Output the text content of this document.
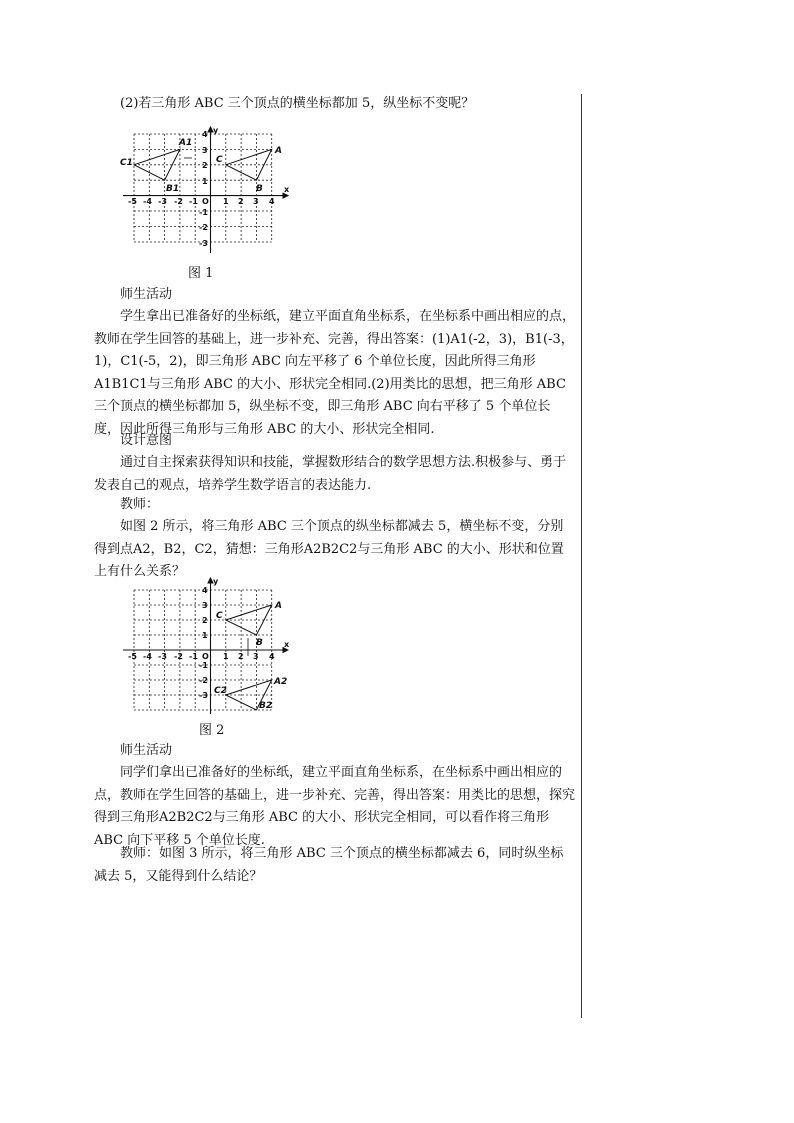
(2)若三角形 ABC 三个顶点的横坐标都加 5，纵坐标不变呢？

x
y
O
-5 -4 -3 -2 -1	1 2 3 4
4
3
2
1
-1
-2
-3
A
B
C
A1
B1
C1
图 1

师生活动

学生拿出已准备好的坐标纸，建立平面直角坐标系，在坐标系中画出相应的点，教师在学生回答的基础上，进一步补充、完善，得出答案：(1)A1(-2，3)，B1(-3，1)，C1(-5，2)，即三角形 ABC 向左平移了 6 个单位长度，因此所得三角形A1B1C1与三角形 ABC 的大小、形状完全相同.(2)用类比的思想，把三角形 ABC 三个顶点的横坐标都加 5，纵坐标不变，即三角形 ABC 向右平移了 5 个单位长度，因此所得三角形与三角形 ABC 的大小、形状完全相同.

设计意图

通过自主探索获得知识和技能，掌握数形结合的数学思想方法.积极参与、勇于发表自己的观点，培养学生数学语言的表达能力.

教师：

如图 2 所示，将三角形 ABC 三个顶点的纵坐标都减去 5，横坐标不变，分别得到点A2，B2，C2，猜想：三角形A2B2C2与三角形 ABC 的大小、形状和位置上有什么关系？

x
y
O
-5 -4 -3 -2 -1	1 2 3 4
4
3
2
1
-1
-2
-3
A
B
C
A2
B2
C2
图 2

师生活动

同学们拿出已准备好的坐标纸，建立平面直角坐标系，在坐标系中画出相应的点，教师在学生回答的基础上，进一步补充、完善，得出答案：用类比的思想，探究得到三角形A2B2C2与三角形 ABC 的大小、形状完全相同，可以看作将三角形 ABC 向下平移 5 个单位长度.

教师：如图 3 所示，将三角形 ABC 三个顶点的横坐标都减去 6，同时纵坐标减去 5，又能得到什么结论？
